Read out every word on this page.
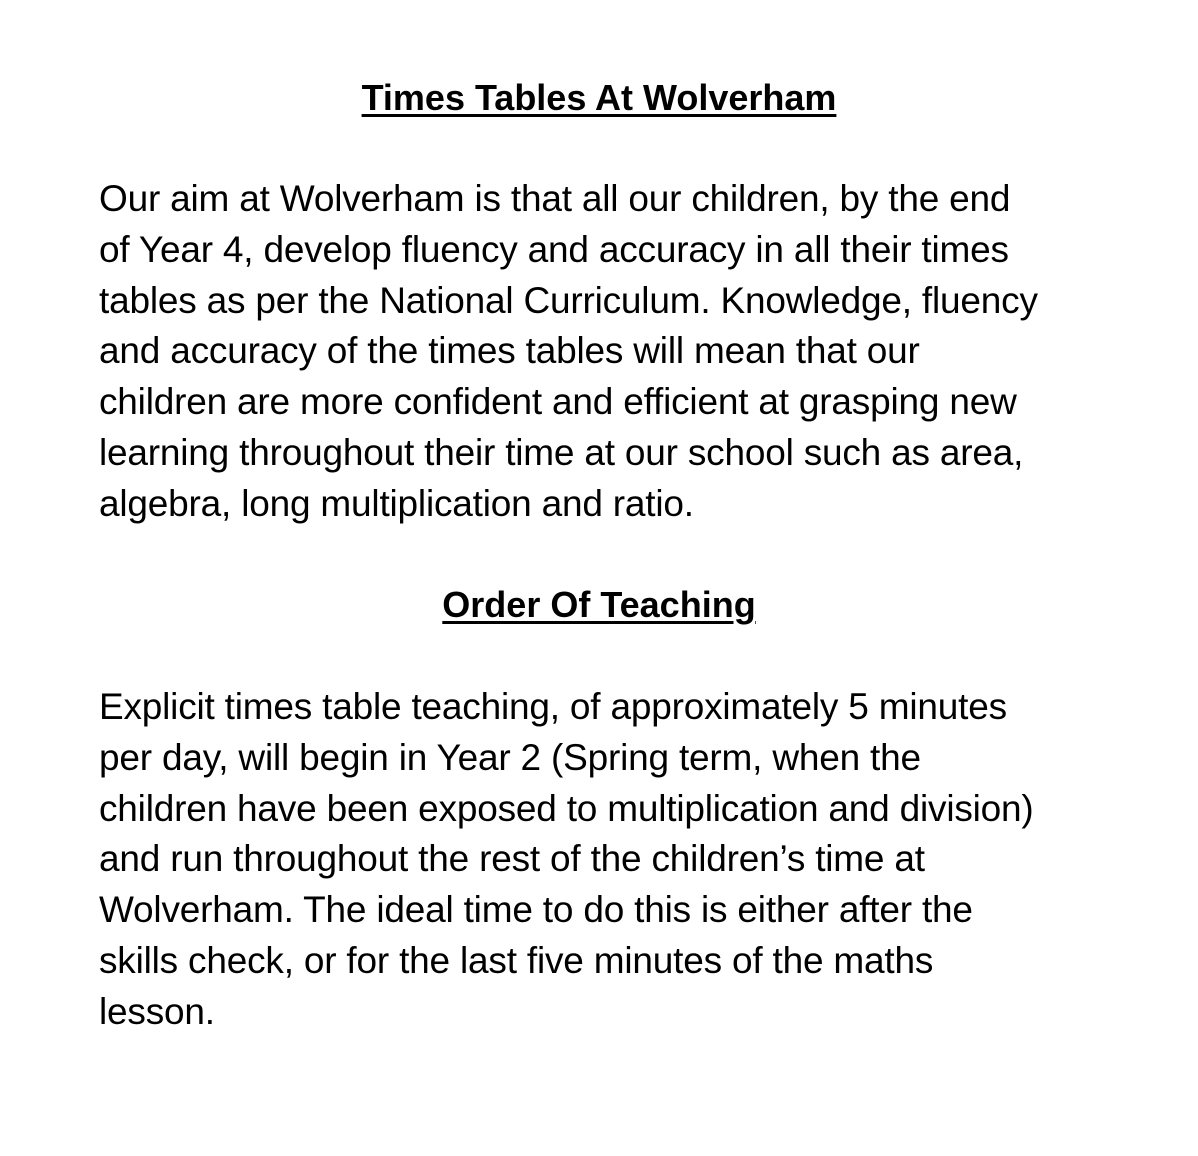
Times Tables At Wolverham

Our aim at Wolverham is that all our children, by the end
of Year 4, develop fluency and accuracy in all their times
tables as per the National Curriculum. Knowledge, fluency
and accuracy of the times tables will mean that our
children are more confident and efficient at grasping new
learning throughout their time at our school such as area,
algebra, long multiplication and ratio.

Order Of Teaching

Explicit times table teaching, of approximately 5 minutes
per day, will begin in Year 2 (Spring term, when the
children have been exposed to multiplication and division)
and run throughout the rest of the children’s time at
Wolverham. The ideal time to do this is either after the
skills check, or for the last five minutes of the maths
lesson.
